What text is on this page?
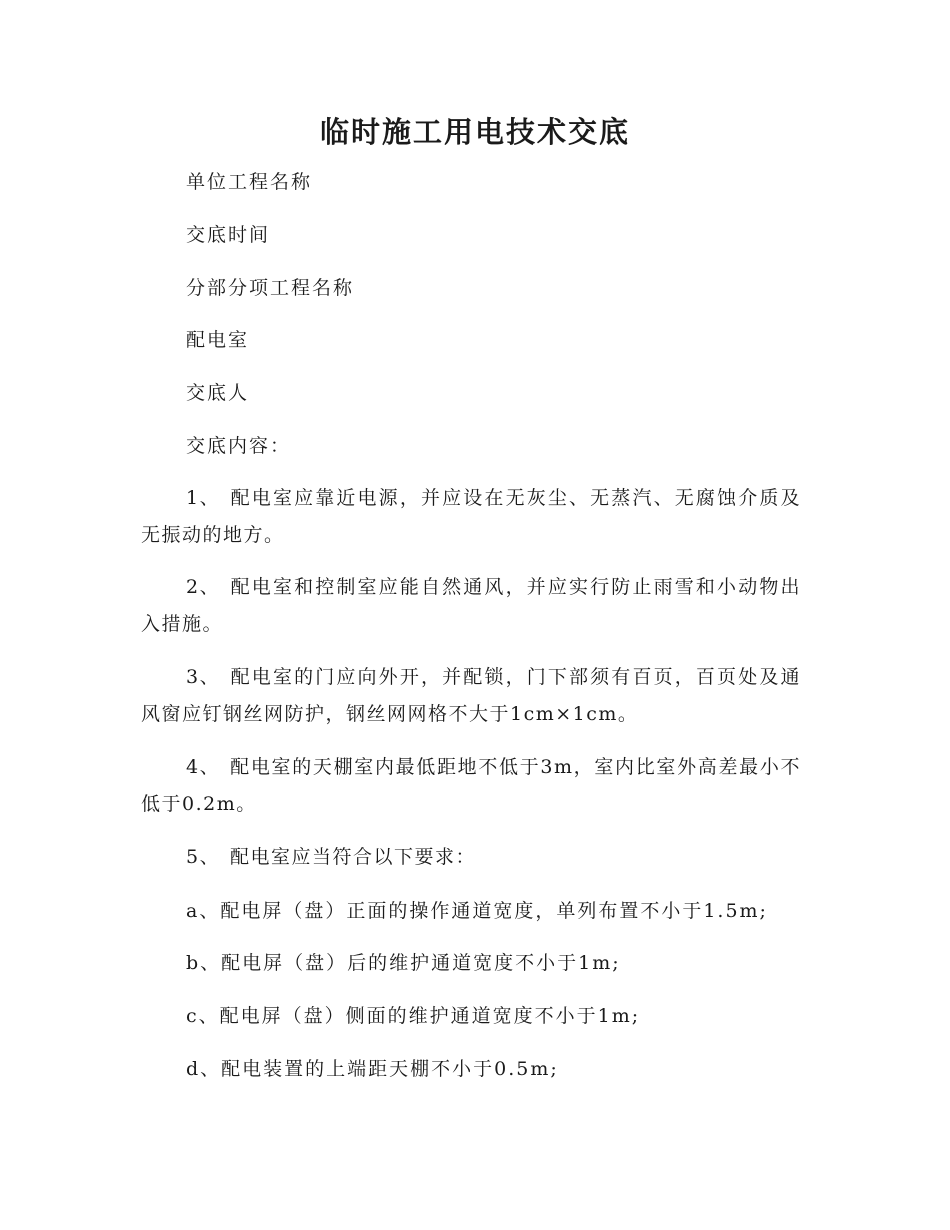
临时施工用电技术交底

单位工程名称

交底时间

分部分项工程名称

配电室

交底人

交底内容：

1、 配电室应靠近电源，并应设在无灰尘、无蒸汽、无腐蚀介质及无振动的地方。

2、 配电室和控制室应能自然通风，并应实行防止雨雪和小动物出入措施。

3、 配电室的门应向外开，并配锁，门下部须有百页，百页处及通风窗应钉钢丝网防护，钢丝网网格不大于1cm×1cm。

4、 配电室的天棚室内最低距地不低于3m，室内比室外高差最小不低于0.2m。

5、 配电室应当符合以下要求：

a、配电屏（盘）正面的操作通道宽度，单列布置不小于1.5m;

b、配电屏（盘）后的维护通道宽度不小于1m;

c、配电屏（盘）侧面的维护通道宽度不小于1m;

d、配电装置的上端距天棚不小于0.5m;
